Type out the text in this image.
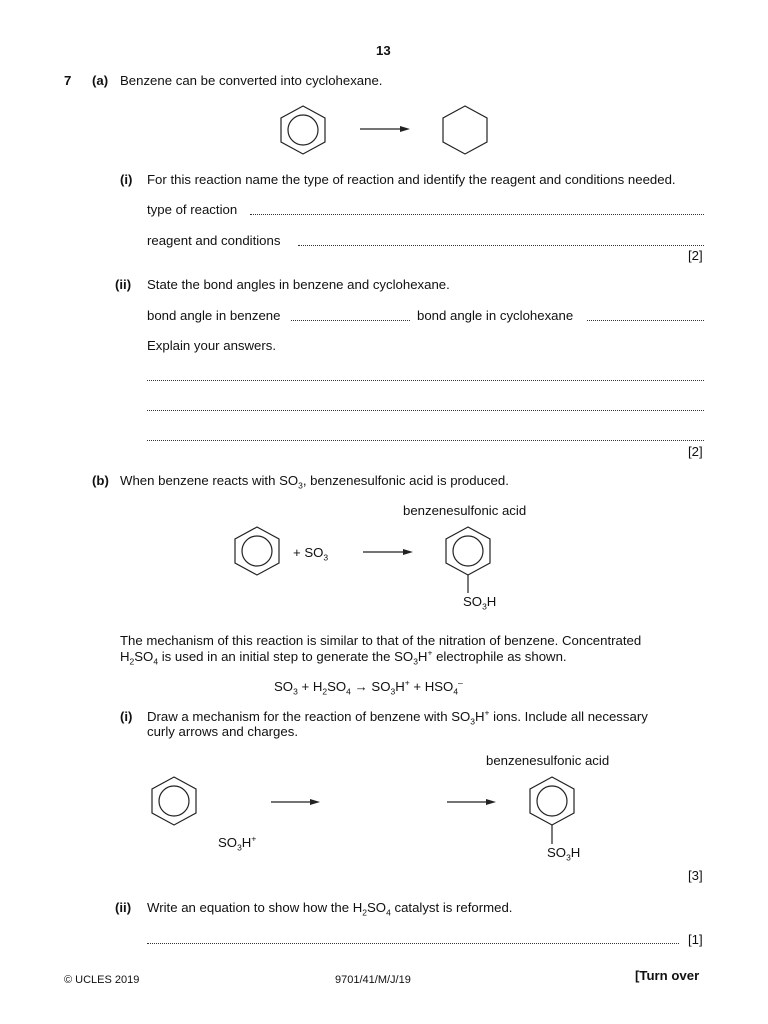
13
7 (a) Benzene can be converted into cyclohexane.
(i) For this reaction name the type of reaction and identify the reagent and conditions needed.
type of reaction
reagent and conditions
[2]
(ii) State the bond angles in benzene and cyclohexane.
bond angle in benzene	bond angle in cyclohexane
Explain your answers.
[2]
(b) When benzene reacts with $SO_3$, benzenesulfonic acid is produced.
benzenesulfonic acid
+ $SO_3$
$SO_3H$
The mechanism of this reaction is similar to that of the nitration of benzene. Concentrated
$H_2SO_4$ is used in an initial step to generate the $SO_3H^+$ electrophile as shown.
$SO_3 + H_2SO_4 \to SO_3H^+ + HSO_4^-$
(i) Draw a mechanism for the reaction of benzene with $SO_3H^+$ ions. Include all necessary
curly arrows and charges.
benzenesulfonic acid
$SO_3H^+$
$SO_3H$
[3]
(ii) Write an equation to show how the $H_2SO_4$ catalyst is reformed.
[1]
© UCLES 2019	9701/41/M/J/19	[Turn over
